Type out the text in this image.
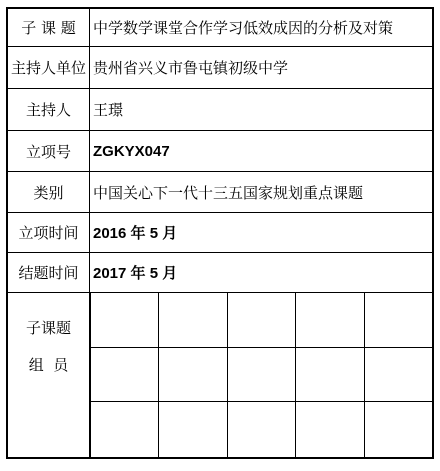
子 课 题	中学数学课堂合作学习低效成因的分析及对策
主持人单位 贵州省兴义市鲁屯镇初级中学
主持人	王璟
立项号	ZGKYX047
类别	中国关心下一代十三五国家规划重点课题
立项时间 2016 年 5 月
结题时间 2017 年 5 月
子课题
组  员
